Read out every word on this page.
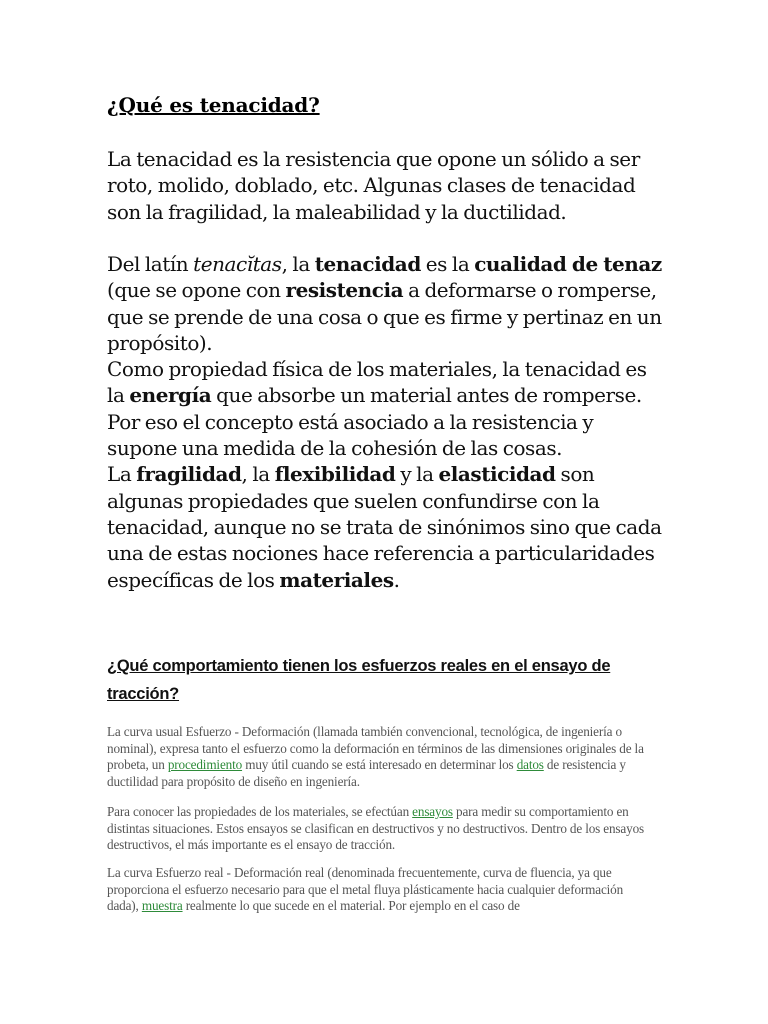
¿Qué es tenacidad?

La tenacidad es la resistencia que opone un sólido a ser roto, molido, doblado, etc. Algunas clases de tenacidad son la fragilidad, la maleabilidad y la ductilidad.

Del latín tenacĭtas, la tenacidad es la cualidad de tenaz (que se opone con resistencia a deformarse o romperse, que se prende de una cosa o que es firme y pertinaz en un propósito).
Como propiedad física de los materiales, la tenacidad es la energía que absorbe un material antes de romperse. Por eso el concepto está asociado a la resistencia y supone una medida de la cohesión de las cosas.
La fragilidad, la flexibilidad y la elasticidad son algunas propiedades que suelen confundirse con la tenacidad, aunque no se trata de sinónimos sino que cada una de estas nociones hace referencia a particularidades específicas de los materiales.

¿Qué comportamiento tienen los esfuerzos reales en el ensayo de tracción?

La curva usual Esfuerzo - Deformación (llamada también convencional, tecnológica, de ingeniería o nominal), expresa tanto el esfuerzo como la deformación en términos de las dimensiones originales de la probeta, un procedimiento muy útil cuando se está interesado en determinar los datos de resistencia y ductilidad para propósito de diseño en ingeniería.

Para conocer las propiedades de los materiales, se efectúan ensayos para medir su comportamiento en distintas situaciones. Estos ensayos se clasifican en destructivos y no destructivos. Dentro de los ensayos destructivos, el más importante es el ensayo de tracción.

La curva Esfuerzo real - Deformación real (denominada frecuentemente, curva de fluencia, ya que proporciona el esfuerzo necesario para que el metal fluya plásticamente hacia cualquier deformación dada), muestra realmente lo que sucede en el material. Por ejemplo en el caso de
